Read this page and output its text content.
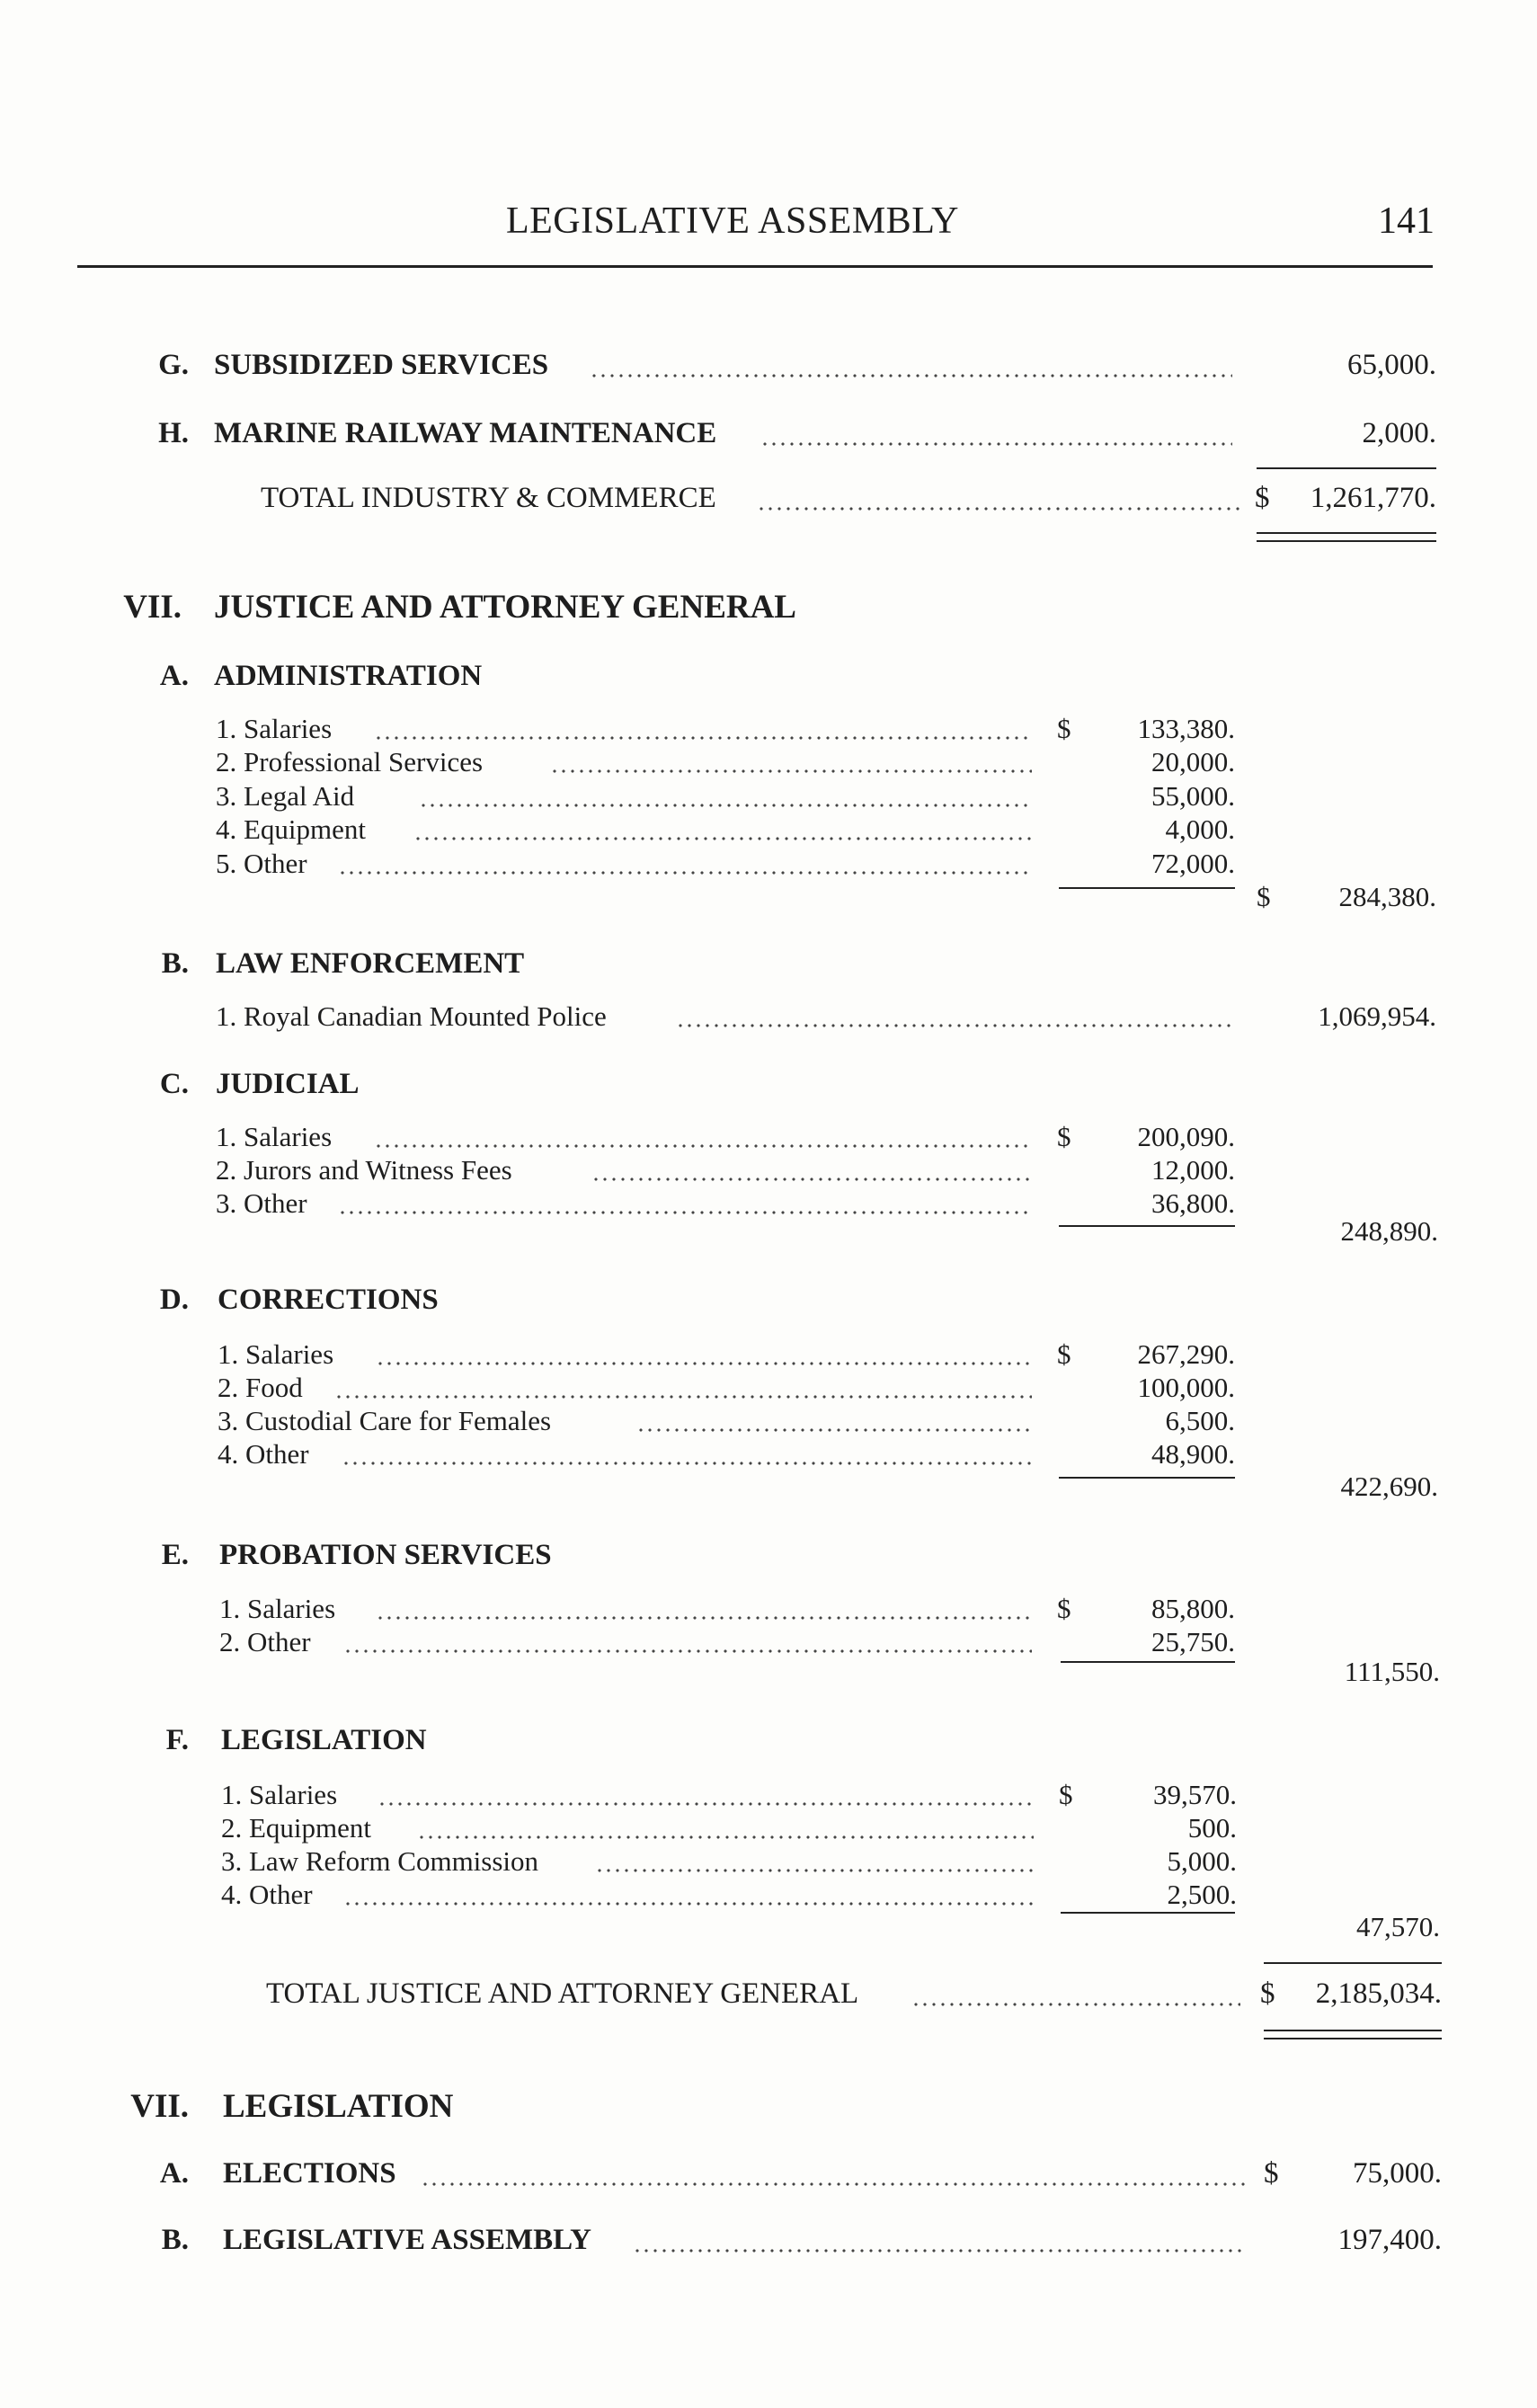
LEGISLATIVE ASSEMBLY	141
G. SUBSIDIZED SERVICES	65,000.
H. MARINE RAILWAY MAINTENANCE	2,000.
TOTAL INDUSTRY & COMMERCE	$ 1,261,770.
VII. JUSTICE AND ATTORNEY GENERAL
A. ADMINISTRATION
1. Salaries	$ 133,380.
2. Professional Services	20,000.
3. Legal Aid	55,000.
4. Equipment	4,000.
5. Other	72,000.
$ 284,380.
B. LAW ENFORCEMENT
1. Royal Canadian Mounted Police	1,069,954.
C. JUDICIAL
1. Salaries	$ 200,090.
2. Jurors and Witness Fees	12,000.
3. Other	36,800.
248,890.
D. CORRECTIONS
1. Salaries	$ 267,290.
2. Food	100,000.
3. Custodial Care for Females	6,500.
4. Other	48,900.
422,690.
E. PROBATION SERVICES
1. Salaries	$	85,800.
2. Other	25,750.
111,550.
F. LEGISLATION
1. Salaries	$	39,570.
2. Equipment	500.
3. Law Reform Commission	5,000.
4. Other	2,500.
47,570.
TOTAL JUSTICE AND ATTORNEY GENERAL	$ 2,185,034.
VII. LEGISLATION
A. ELECTIONS	$	75,000.
B. LEGISLATIVE ASSEMBLY	197,400.
